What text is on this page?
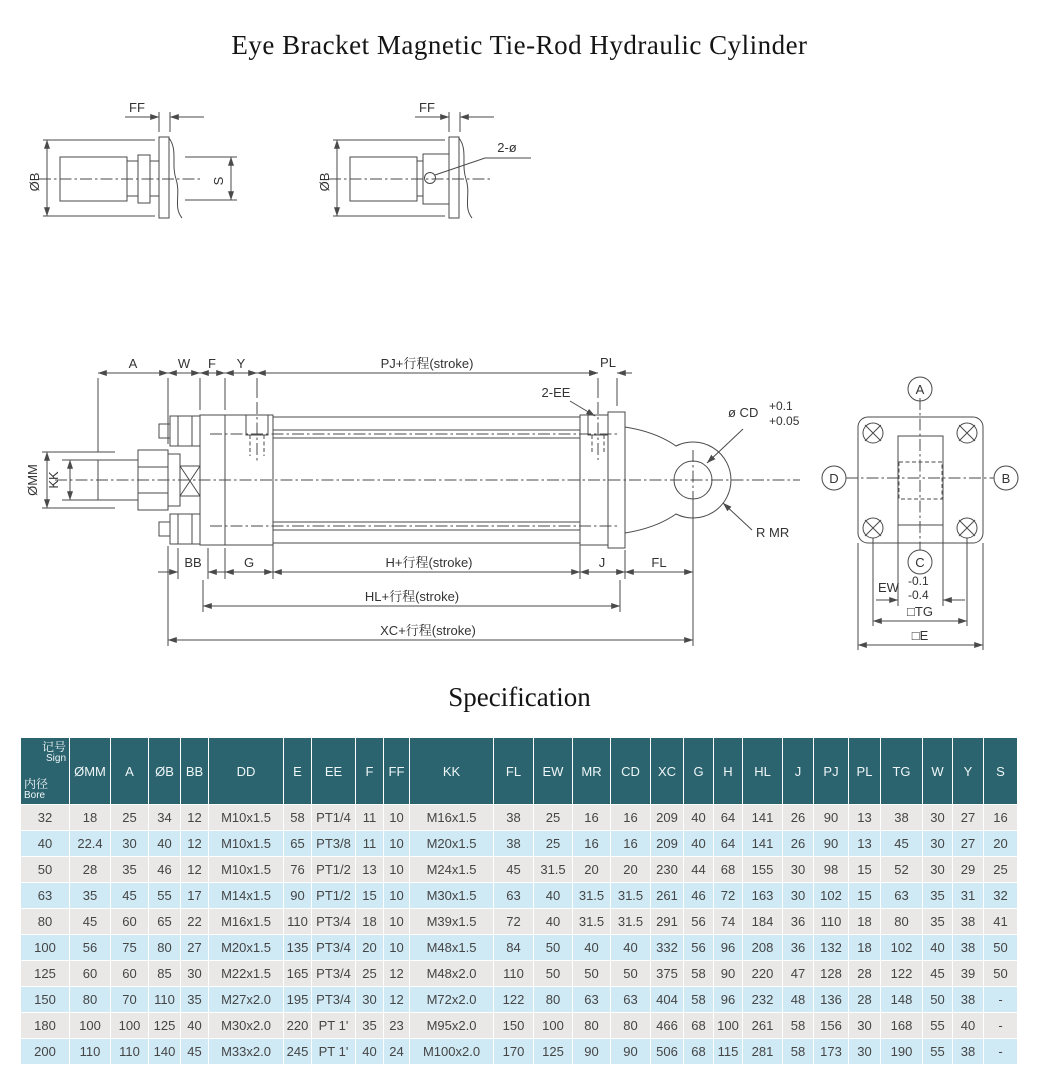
Eye Bracket Magnetic Tie-Rod Hydraulic Cylinder
FF
ØB	S
2-ø
FF
ØB
ØMM KK
A	W F Y	PJ+行程(stroke)	PL
2-EE
ø CD +0.1
+0.05
R MR
BB	G	H+行程(stroke)	J	FL
HL+行程(stroke)
XC+行程(stroke)
A
B
C
D
EW -0.1
-0.4
□TG
□E
Specification
记号
Sign
内径
Bore	ØMM	A	ØB	BB	DD	E	EE	F	FF	KK	FL	EW	MR	CD	XC	G	H	HL	J	PJ	PL	TG	W	Y	S
32	18	25	34	12	M10x1.5	58	PT1/4	11	10	M16x1.5	38	25	16	16	209	40	64	141	26	90	13	38	30	27	16
40	22.4	30	40	12	M10x1.5	65	PT3/8	11	10	M20x1.5	38	25	16	16	209	40	64	141	26	90	13	45	30	27	20
50	28	35	46	12	M10x1.5	76	PT1/2	13	10	M24x1.5	45	31.5	20	20	230	44	68	155	30	98	15	52	30	29	25
63	35	45	55	17	M14x1.5	90	PT1/2	15	10	M30x1.5	63	40	31.5	31.5	261	46	72	163	30	102	15	63	35	31	32
80	45	60	65	22	M16x1.5	110	PT3/4	18	10	M39x1.5	72	40	31.5	31.5	291	56	74	184	36	110	18	80	35	38	41
100	56	75	80	27	M20x1.5	135	PT3/4	20	10	M48x1.5	84	50	40	40	332	56	96	208	36	132	18	102	40	38	50
125	60	60	85	30	M22x1.5	165	PT3/4	25	12	M48x2.0	110	50	50	50	375	58	90	220	47	128	28	122	45	39	50
150	80	70	110	35	M27x2.0	195	PT3/4	30	12	M72x2.0	122	80	63	63	404	58	96	232	48	136	28	148	50	38	-
180	100	100	125	40	M30x2.0	220	PT 1'	35	23	M95x2.0	150	100	80	80	466	68	100	261	58	156	30	168	55	40	-
200	110	110	140	45	M33x2.0	245	PT 1'	40	24	M100x2.0	170	125	90	90	506	68	115	281	58	173	30	190	55	38	-
